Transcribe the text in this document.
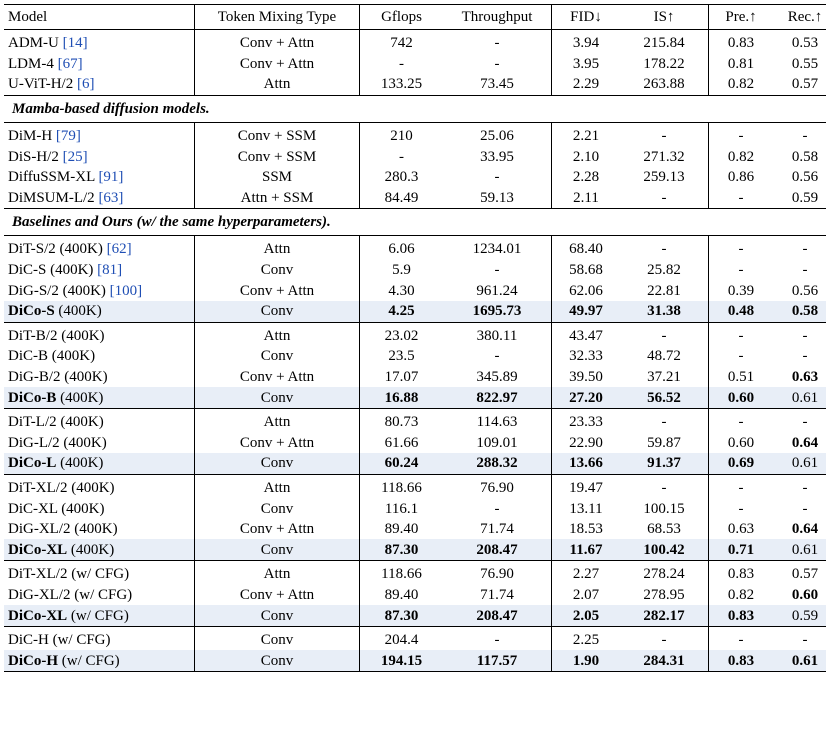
Model	Token Mixing Type	Gflops	Throughput	FID↓	IS↑	Pre.↑	Rec.↑
ADM-U [14]	Conv + Attn	742	-	3.94	215.84	0.83	0.53
LDM-4 [67]	Conv + Attn	-	-	3.95	178.22	0.81	0.55
U-ViT-H/2 [6]	Attn	133.25	73.45	2.29	263.88	0.82	0.57
Mamba-based diffusion models.							
DiM-H [79]	Conv + SSM	210	25.06	2.21	-	-	-
DiS-H/2 [25]	Conv + SSM	-	33.95	2.10	271.32	0.82	0.58
DiffuSSM-XL [91]	SSM	280.3	-	2.28	259.13	0.86	0.56
DiMSUM-L/2 [63]	Attn + SSM	84.49	59.13	2.11	-	-	0.59
Baselines and Ours (w/ the same hyperparameters).							
DiT-S/2 (400K) [62]	Attn	6.06	1234.01	68.40	-	-	-
DiC-S (400K) [81]	Conv	5.9	-	58.68	25.82	-	-
DiG-S/2 (400K) [100]	Conv + Attn	4.30	961.24	62.06	22.81	0.39	0.56
DiCo-S (400K)	Conv	4.25	1695.73	49.97	31.38	0.48	0.58
DiT-B/2 (400K)	Attn	23.02	380.11	43.47	-	-	-
DiC-B (400K)	Conv	23.5	-	32.33	48.72	-	-
DiG-B/2 (400K)	Conv + Attn	17.07	345.89	39.50	37.21	0.51	0.63
DiCo-B (400K)	Conv	16.88	822.97	27.20	56.52	0.60	0.61
DiT-L/2 (400K)	Attn	80.73	114.63	23.33	-	-	-
DiG-L/2 (400K)	Conv + Attn	61.66	109.01	22.90	59.87	0.60	0.64
DiCo-L (400K)	Conv	60.24	288.32	13.66	91.37	0.69	0.61
DiT-XL/2 (400K)	Attn	118.66	76.90	19.47	-	-	-
DiC-XL (400K)	Conv	116.1	-	13.11	100.15	-	-
DiG-XL/2 (400K)	Conv + Attn	89.40	71.74	18.53	68.53	0.63	0.64
DiCo-XL (400K)	Conv	87.30	208.47	11.67	100.42	0.71	0.61
DiT-XL/2 (w/ CFG)	Attn	118.66	76.90	2.27	278.24	0.83	0.57
DiG-XL/2 (w/ CFG)	Conv + Attn	89.40	71.74	2.07	278.95	0.82	0.60
DiCo-XL (w/ CFG)	Conv	87.30	208.47	2.05	282.17	0.83	0.59
DiC-H (w/ CFG)	Conv	204.4	-	2.25	-	-	-
DiCo-H (w/ CFG)	Conv	194.15	117.57	1.90	284.31	0.83	0.61
